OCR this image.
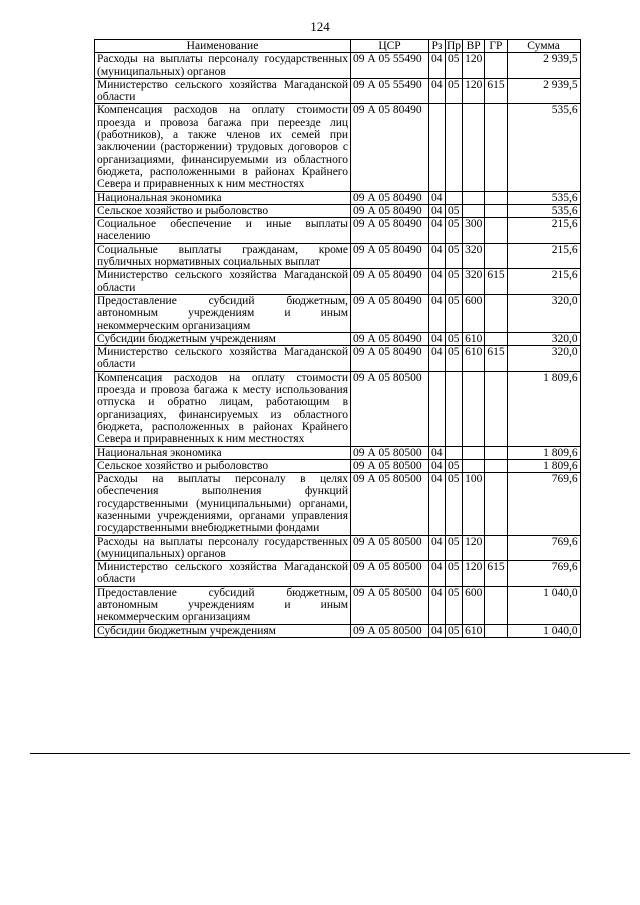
124
Наименование	ЦСР	Рз	Пр	ВР	ГР	Сумма
Расходы на выплаты персоналу государственных (муниципальных) органов	09 А 05 55490	04	05	120		2 939,5
Министерство сельского хозяйства Магаданской области	09 А 05 55490	04	05	120	615	2 939,5
Компенсация расходов на оплату стоимости проезда и провоза багажа при переезде лиц (работников), а также членов их семей при заключении (расторжении) трудовых договоров с организациями, финансируемыми из областного бюджета, расположенными в районах Крайнего Севера и приравненных к ним местностях	09 А 05 80490					535,6
Национальная экономика	09 А 05 80490	04				535,6
Сельское хозяйство и рыболовство	09 А 05 80490	04	05			535,6
Социальное обеспечение и иные выплаты населению	09 А 05 80490	04	05	300		215,6
Социальные выплаты гражданам, кроме публичных нормативных социальных выплат	09 А 05 80490	04	05	320		215,6
Министерство сельского хозяйства Магаданской области	09 А 05 80490	04	05	320	615	215,6
Предоставление субсидий бюджетным, автономным учреждениям и иным некоммерческим организациям	09 А 05 80490	04	05	600		320,0
Субсидии бюджетным учреждениям	09 А 05 80490	04	05	610		320,0
Министерство сельского хозяйства Магаданской области	09 А 05 80490	04	05	610	615	320,0
Компенсация расходов на оплату стоимости проезда и провоза багажа к месту использования отпуска и обратно лицам, работающим в организациях, финансируемых из областного бюджета, расположенных в районах Крайнего Севера и приравненных к ним местностях	09 А 05 80500					1 809,6
Национальная экономика	09 А 05 80500	04				1 809,6
Сельское хозяйство и рыболовство	09 А 05 80500	04	05			1 809,6
Расходы на выплаты персоналу в целях обеспечения выполнения функций государственными (муниципальными) органами, казенными учреждениями, органами управления государственными внебюджетными фондами	09 А 05 80500	04	05	100		769,6
Расходы на выплаты персоналу государственных (муниципальных) органов	09 А 05 80500	04	05	120		769,6
Министерство сельского хозяйства Магаданской области	09 А 05 80500	04	05	120	615	769,6
Предоставление субсидий бюджетным, автономным учреждениям и иным некоммерческим организациям	09 А 05 80500	04	05	600		1 040,0
Субсидии бюджетным учреждениям	09 А 05 80500	04	05	610		1 040,0
